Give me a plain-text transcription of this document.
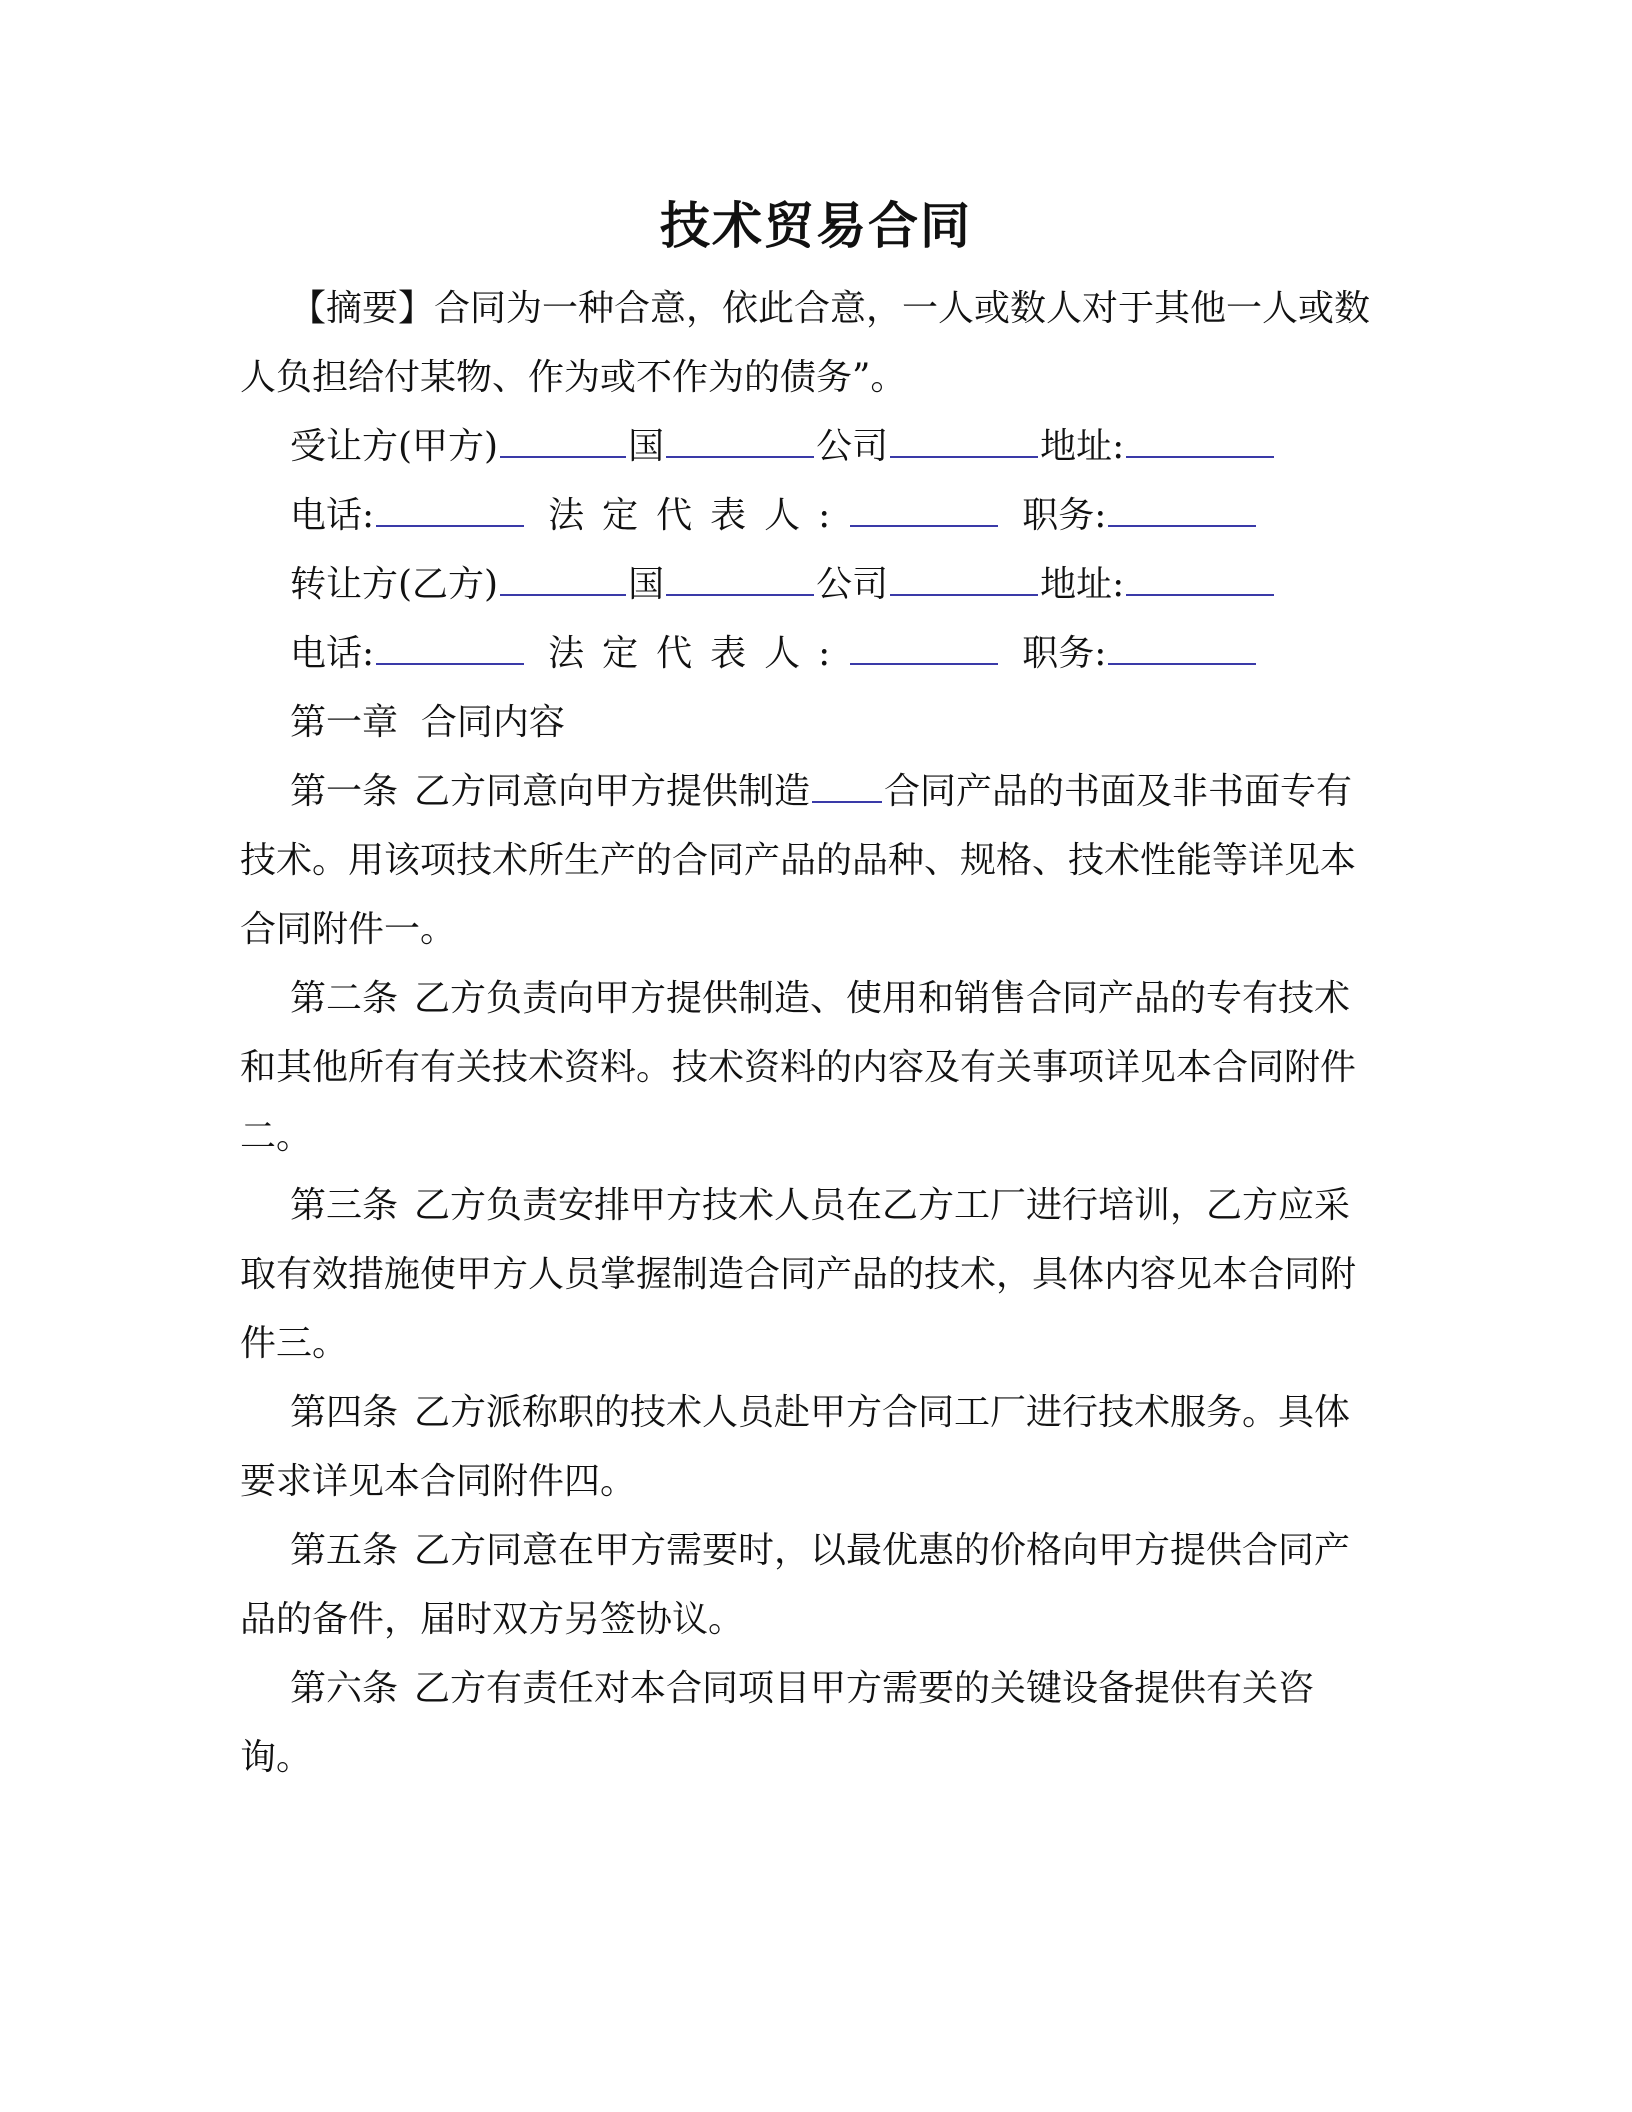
技术贸易合同

【摘要】合同为一种合意，依此合意，一人或数人对于其他一人或数人负担给付某物、作为或不作为的债务”。

受让方(甲方)	国	公司	地址:

电话:	法定代表人:	职务:

转让方(乙方)	国	公司	地址:

电话:	法定代表人:	职务:

第一章  合同内容

第一条 乙方同意向甲方提供制造 合同产品的书面及非书面专有技术。用该项技术所生产的合同产品的品种、规格、技术性能等详见本合同附件一。

第二条 乙方负责向甲方提供制造、使用和销售合同产品的专有技术和其他所有有关技术资料。技术资料的内容及有关事项详见本合同附件二。

第三条 乙方负责安排甲方技术人员在乙方工厂进行培训，乙方应采取有效措施使甲方人员掌握制造合同产品的技术，具体内容见本合同附件三。

第四条 乙方派称职的技术人员赴甲方合同工厂进行技术服务。具体要求详见本合同附件四。

第五条 乙方同意在甲方需要时，以最优惠的价格向甲方提供合同产品的备件，届时双方另签协议。

第六条 乙方有责任对本合同项目甲方需要的关键设备提供有关咨询。
